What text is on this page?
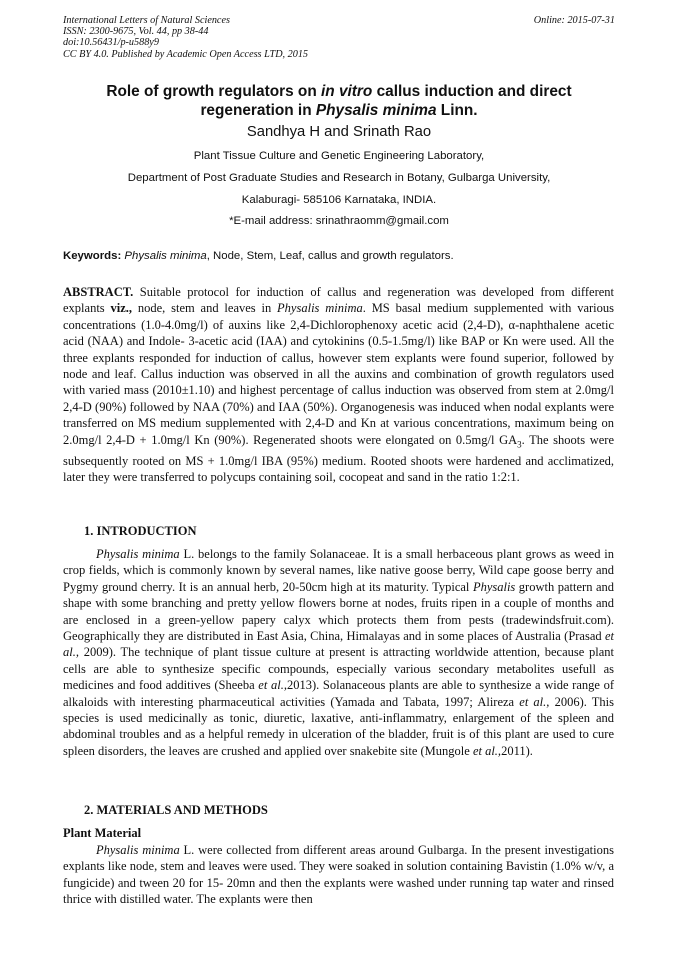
International Letters of Natural Sciences
ISSN: 2300-9675, Vol. 44, pp 38-44
doi:10.56431/p-u588y9
CC BY 4.0. Published by Academic Open Access LTD, 2015
Online: 2015-07-31
Role of growth regulators on in vitro callus induction and direct
regeneration in Physalis minima Linn.
Sandhya H and Srinath Rao
Plant Tissue Culture and Genetic Engineering Laboratory,
Department of Post Graduate Studies and Research in Botany, Gulbarga University,
Kalaburagi- 585106 Karnataka, INDIA.
*E-mail address: srinathraomm@gmail.com
Keywords: Physalis minima, Node, Stem, Leaf, callus and growth regulators.
ABSTRACT. Suitable protocol for induction of callus and regeneration was developed from different explants viz., node, stem and leaves in Physalis minima. MS basal medium supplemented with various concentrations (1.0-4.0mg/l) of auxins like 2,4-Dichlorophenoxy acetic acid (2,4-D), α-naphthalene acetic acid (NAA) and Indole- 3-acetic acid (IAA) and cytokinins (0.5-1.5mg/l) like BAP or Kn were used. All the three explants responded for induction of callus, however stem explants were found superior, followed by node and leaf. Callus induction was observed in all the auxins and combination of growth regulators used with varied mass (2010±1.10) and highest percentage of callus induction was observed from stem at 2.0mg/l 2,4-D (90%) followed by NAA (70%) and IAA (50%). Organogenesis was induced when nodal explants were transferred on MS medium supplemented with 2,4-D and Kn at various concentrations, maximum being on 2.0mg/l 2,4-D + 1.0mg/l Kn (90%). Regenerated shoots were elongated on 0.5mg/l $GA_3$. The shoots were subsequently rooted on MS + 1.0mg/l IBA (95%) medium. Rooted shoots were hardened and acclimatized, later they were transferred to polycups containing soil, cocopeat and sand in the ratio 1:2:1.
1. INTRODUCTION
Physalis minima L. belongs to the family Solanaceae. It is a small herbaceous plant grows as weed in crop fields, which is commonly known by several names, like native goose berry, Wild cape goose berry and Pygmy ground cherry. It is an annual herb, 20-50cm high at its maturity. Typical Physalis growth pattern and shape with some branching and pretty yellow flowers borne at nodes, fruits ripen in a couple of months and are enclosed in a green-yellow papery calyx which protects them from pests (tradewindsfruit.com). Geographically they are distributed in East Asia, China, Himalayas and in some places of Australia (Prasad et al., 2009). The technique of plant tissue culture at present is attracting worldwide attention, because plant cells are able to synthesize specific compounds, especially various secondary metabolites usefull as medicines and food additives (Sheeba et al.,2013). Solanaceous plants are able to synthesize a wide range of alkaloids with interesting pharmaceutical activities (Yamada and Tabata, 1997; Alireza et al., 2006). This species is used medicinally as tonic, diuretic, laxative, anti-inflammatry, enlargement of the spleen and abdominal troubles and as a helpful remedy in ulceration of the bladder, fruit is of this plant are used to cure spleen disorders, the leaves are crushed and applied over snakebite site (Mungole et al.,2011).
2. MATERIALS AND METHODS
Plant Material
Physalis minima L. were collected from different areas around Gulbarga. In the present investigations explants like node, stem and leaves were used. They were soaked in solution containing Bavistin (1.0% w/v, a fungicide) and tween 20 for 15- 20mn and then the explants were washed under running tap water and rinsed thrice with distilled water. The explants were then
